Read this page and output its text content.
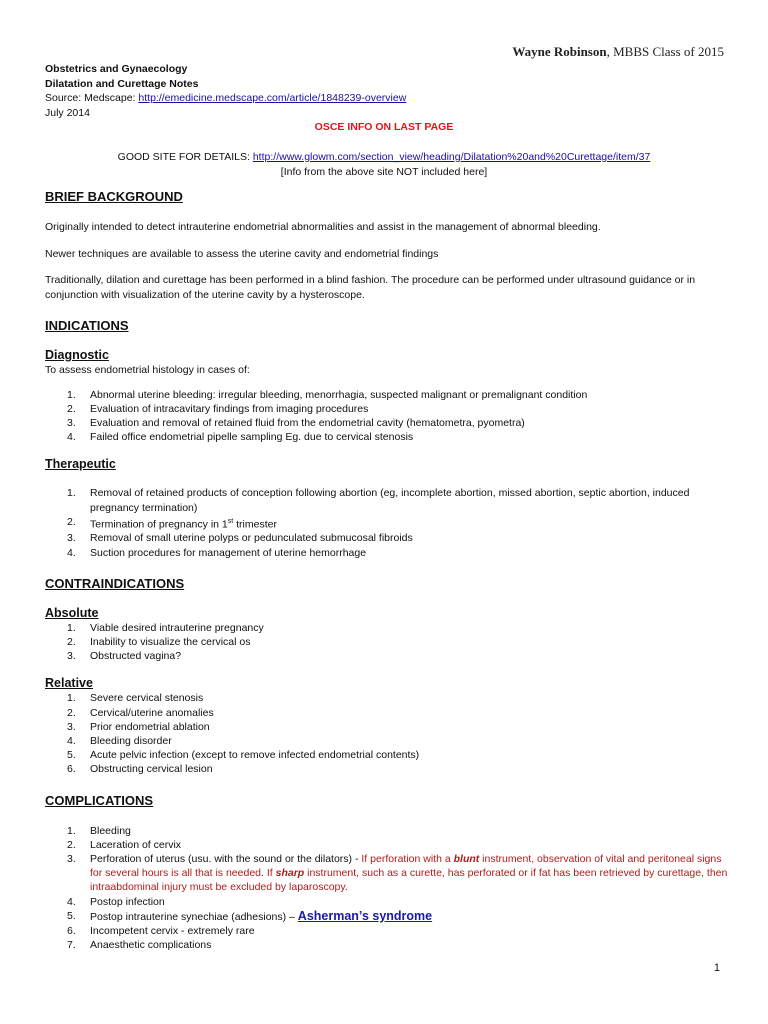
Wayne Robinson, MBBS Class of 2015
Obstetrics and Gynaecology
Dilatation and Curettage Notes
Source: Medscape: http://emedicine.medscape.com/article/1848239-overview
July 2014
OSCE INFO ON LAST PAGE
GOOD SITE FOR DETAILS: http://www.glowm.com/section_view/heading/Dilatation%20and%20Curettage/item/37
[Info from the above site NOT included here]
BRIEF BACKGROUND

Originally intended to detect intrauterine endometrial abnormalities and assist in the management of abnormal bleeding.

Newer techniques are available to assess the uterine cavity and endometrial findings

Traditionally, dilation and curettage has been performed in a blind fashion. The procedure can be performed under ultrasound guidance or in conjunction with visualization of the uterine cavity by a hysteroscope.

INDICATIONS
Diagnostic

To assess endometrial histology in cases of:

1. Abnormal uterine bleeding: irregular bleeding, menorrhagia, suspected malignant or premalignant condition
2. Evaluation of intracavitary findings from imaging procedures
3. Evaluation and removal of retained fluid from the endometrial cavity (hematometra, pyometra)
4. Failed office endometrial pipelle sampling Eg. due to cervical stenosis
Therapeutic
1. Removal of retained products of conception following abortion (eg, incomplete abortion, missed abortion, septic abortion, induced pregnancy termination)
2. Termination of pregnancy in 1st trimester
3. Removal of small uterine polyps or pedunculated submucosal fibroids
4. Suction procedures for management of uterine hemorrhage
CONTRAINDICATIONS
Absolute
1. Viable desired intrauterine pregnancy
2. Inability to visualize the cervical os
3. Obstructed vagina?
Relative
1. Severe cervical stenosis
2. Cervical/uterine anomalies
3. Prior endometrial ablation
4. Bleeding disorder
5. Acute pelvic infection (except to remove infected endometrial contents)
6. Obstructing cervical lesion
COMPLICATIONS
1. Bleeding
2. Laceration of cervix
3. Perforation of uterus (usu. with the sound or the dilators) - If perforation with a blunt instrument, observation of vital and peritoneal signs for several hours is all that is needed. If sharp instrument, such as a curette, has perforated or if fat has been retrieved by curettage, then intraabdominal injury must be excluded by laparoscopy.
4. Postop infection
5. Postop intrauterine synechiae (adhesions) – Asherman’s syndrome
6. Incompetent cervix - extremely rare
7. Anaesthetic complications
1
